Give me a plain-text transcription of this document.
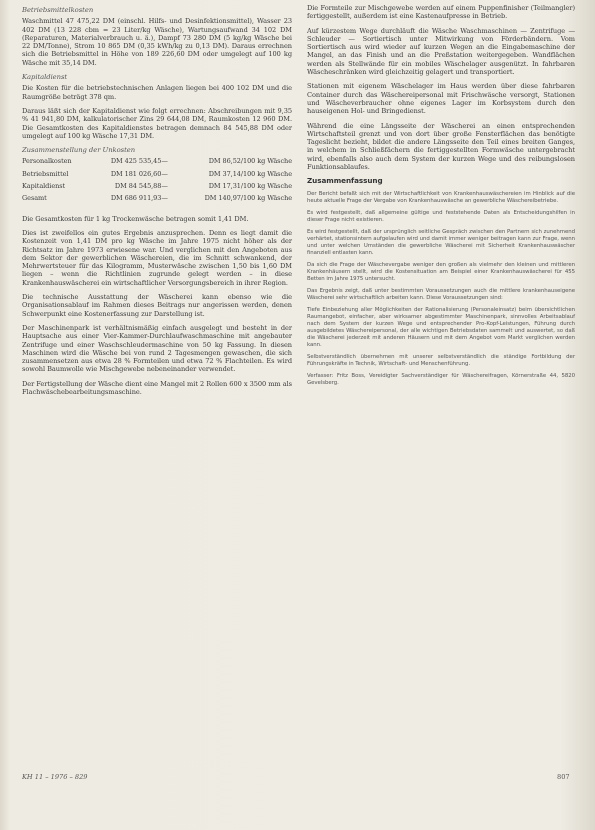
Betriebsmittelkosten

Waschmittel 47 475,22 DM (einschl. Hilfs- und Desinfektionsmittel), Wasser 23 402 DM (13 228 cbm = 23 Liter/kg Wäsche), Wartungsaufwand 34 102 DM (Reparaturen, Materialverbrauch u. ä.), Dampf 73 280 DM (5 kg/kg Wäsche bei 22 DM/Tonne), Strom 10 865 DM (0,35 kWh/kg zu 0,13 DM). Daraus errechnen sich die Betriebsmittel in Höhe von 189 226,60 DM oder umgelegt auf 100 kg Wäsche mit 35,14 DM.

Kapitaldienst

Die Kosten für die betriebstechnischen Anlagen liegen bei 400 102 DM und die Raumgröße beträgt 378 qm.

Daraus läßt sich der Kapitaldienst wie folgt errechnen: Abschreibungen mit 9,35 % 41 941,80 DM, kalkulatorischer Zins 29 644,08 DM, Raumkosten 12 960 DM. Die Gesamtkosten des Kapitaldienstes betragen demnach 84 545,88 DM oder umgelegt auf 100 kg Wäsche 17,31 DM.

Zusammenstellung der Unkosten
Personalkosten	DM 425 535,45	—	DM 86,52/100 kg Wäsche
Betriebsmittel	DM 181 026,60	—	DM 37,14/100 kg Wäsche
Kapitaldienst	DM 84 545,88	—	DM 17,31/100 kg Wäsche
Gesamt	DM 686 911,93	—	DM 140,97/100 kg Wäsche

Die Gesamtkosten für 1 kg Trockenwäsche betragen somit 1,41 DM.

Dies ist zweifellos ein gutes Ergebnis anzusprechen. Denn es liegt damit die Kostenzeit von 1,41 DM pro kg Wäsche im Jahre 1975 nicht höher als der Richtsatz im Jahre 1973 erwiesene war. Und verglichen mit den Angeboten aus dem Sektor der gewerblichen Wäschereien, die im Schnitt schwankend, der Mehrwertsteuer für das Kilogramm, Musterwäsche zwischen 1,50 bis 1,60 DM liegen – wenn die Richtlinien zugrunde gelegt werden – in diese Krankenhauswäscherei ein wirtschaftlicher Versorgungsbereich in ihrer Region.

Die technische Ausstattung der Wäscherei kann ebenso wie die Organisationsablauf im Rahmen dieses Beitrags nur angerissen werden, denen Schwerpunkt eine Kostenerfassung zur Darstellung ist.

Der Maschinenpark ist verhältnismäßig einfach ausgelegt und besteht in der Hauptsache aus einer Vier-Kammer-Durchlaufwaschmaschine mit angebauter Zentrifuge und einer Waschschleudermaschine von 50 kg Fassung. In diesen Maschinen wird die Wäsche bei von rund 2 Tagesmengen gewaschen, die sich zusammensetzen aus etwa 28 % Formteilen und etwa 72 % Flachteilen. Es wird sowohl Baumwolle wie Mischgewebe nebeneinander verwendet.

Der Fertigstellung der Wäsche dient eine Mangel mit 2 Rollen 600 x 3500 mm als Flachwäschebearbeitungsmaschine.

Die Formteile zur Mischgewebe werden auf einem Puppenfinisher (Teilmangler) fertiggestellt, außerdem ist eine Kastenaufpresse in Betrieb.

Auf kürzestem Wege durchläuft die Wäsche Waschmaschinen — Zentrifuge — Schleuder — Sortiertisch unter Mitwirkung von Förderbändern. Vom Sortiertisch aus wird wieder auf kurzen Wegen an die Eingabemaschine der Mangel, an das Finish und an die Preßstation weitergegeben. Wandflächen werden als Stellwände für ein mobiles Wäschelager ausgenützt. In fahrbaren Wäscheschränken wird gleichzeitig gelagert und transportiert.

Stationen mit eigenem Wäschelager im Haus werden über diese fahrbaren Container durch das Wäschereipersonal mit Frischwäsche versorgt, Stationen und Wäscheverbraucher ohne eigenes Lager im Korbsystem durch den hauseigenen Hol- und Bringedienst.

Während die eine Längsseite der Wäscherei an einen entsprechenden Wirtschaftsteil grenzt und von dort über große Fensterflächen das benötigte Tageslicht bezieht, bildet die andere Längsseite den Teil eines breiten Ganges, in welchem in Schließfächern die fertiggestellten Formwäsche untergebracht wird, ebenfalls also auch dem System der kurzen Wege und des reibungslosen Funktionsablaufes.

Zusammenfassung

Der Bericht befaßt sich mit der Wirtschaftlichkeit von Krankenhauswäschereien im Hinblick auf die heute aktuelle Frage der Vergabe von Krankenhauswäsche an gewerbliche Wäschereibetriebe.

Es wird festgestellt, daß allgemeine gültige und feststehende Daten als Entscheidungshilfen in dieser Frage nicht existieren.

Es wird festgestellt, daß der ursprünglich seitliche Gespräch zwischen den Partnern sich zunehmend verhärtet, stationsintern aufgelaufen wird und damit immer weniger beitragen kann zur Frage, wenn und unter welchen Umständen die gewerbliche Wäscherei mit Sicherheit Krankenhauswäscher finanziell entlasten kann.

Da sich die Frage der Wäschevergabe weniger den großen als vielmehr den kleinen und mittleren Krankenhäusern stellt, wird die Kostensituation am Beispiel einer Krankenhauswäscherei für 455 Betten im Jahre 1975 untersucht.

Das Ergebnis zeigt, daß unter bestimmten Voraussetzungen auch die mittlere krankenhauseigene Wäscherei sehr wirtschaftlich arbeiten kann. Diese Voraussetzungen sind:

Tiefe Einbeziehung aller Möglichkeiten der Rationalisierung (Personaleinsatz) beim übersichtlichen Raumangebot, einfacher, aber wirksamer abgestimmter Maschinenpark, sinnvolles Arbeitsablauf nach dem System der kurzen Wege und entsprechender Pro-Kopf-Leistungen, Führung durch ausgebildetes Wäschereipersonal, der alle wichtigen Betriebsdaten sammelt und auswertet, so daß die Wäscherei jederzeit mit anderen Häusern und mit dem Angebot vom Markt verglichen werden kann.

Selbstverständlich übernehmen mit unserer selbstverständlich die ständige Fortbildung der Führungskräfte in Technik, Wirtschaft- und Menschenführung.

Verfasser: Fritz Boss, Vereidigter Sachverständiger für Wäschereifragen, Körnerstraße 44, 5820 Gevelsberg.

KH 11 – 1976 – 829	807
